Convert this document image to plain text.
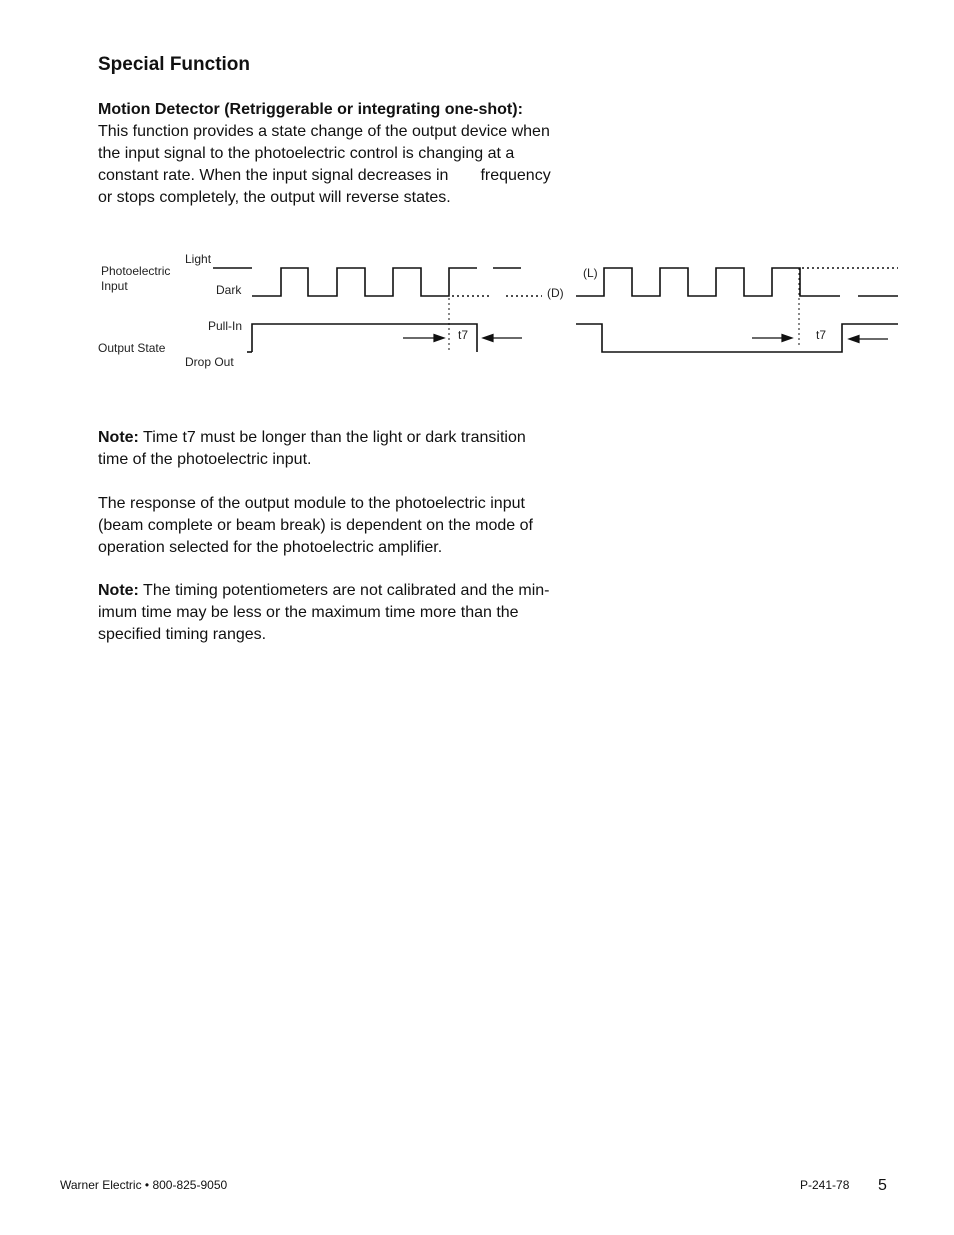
Special Function
Motion Detector (Retriggerable or integrating one-shot):
This function provides a state change of the output device when
the input signal to the photoelectric control is changing at a
constant rate. When the input signal decreases in frequency
or stops completely, the output will reverse states.
Photoelectric
Input
Light
Dark
Pull-In
Output State
Drop Out
(D)
(L)
t7	t7
Note: Time t7 must be longer than the light or dark transition
time of the photoelectric input.
The response of the output module to the photoelectric input
(beam complete or beam break) is dependent on the mode of
operation selected for the photoelectric amplifier.
Note: The timing potentiometers are not calibrated and the min-
imum time may be less or the maximum time more than the
specified timing ranges.
Warner Electric • 800-825-9050	P-241-78 5
